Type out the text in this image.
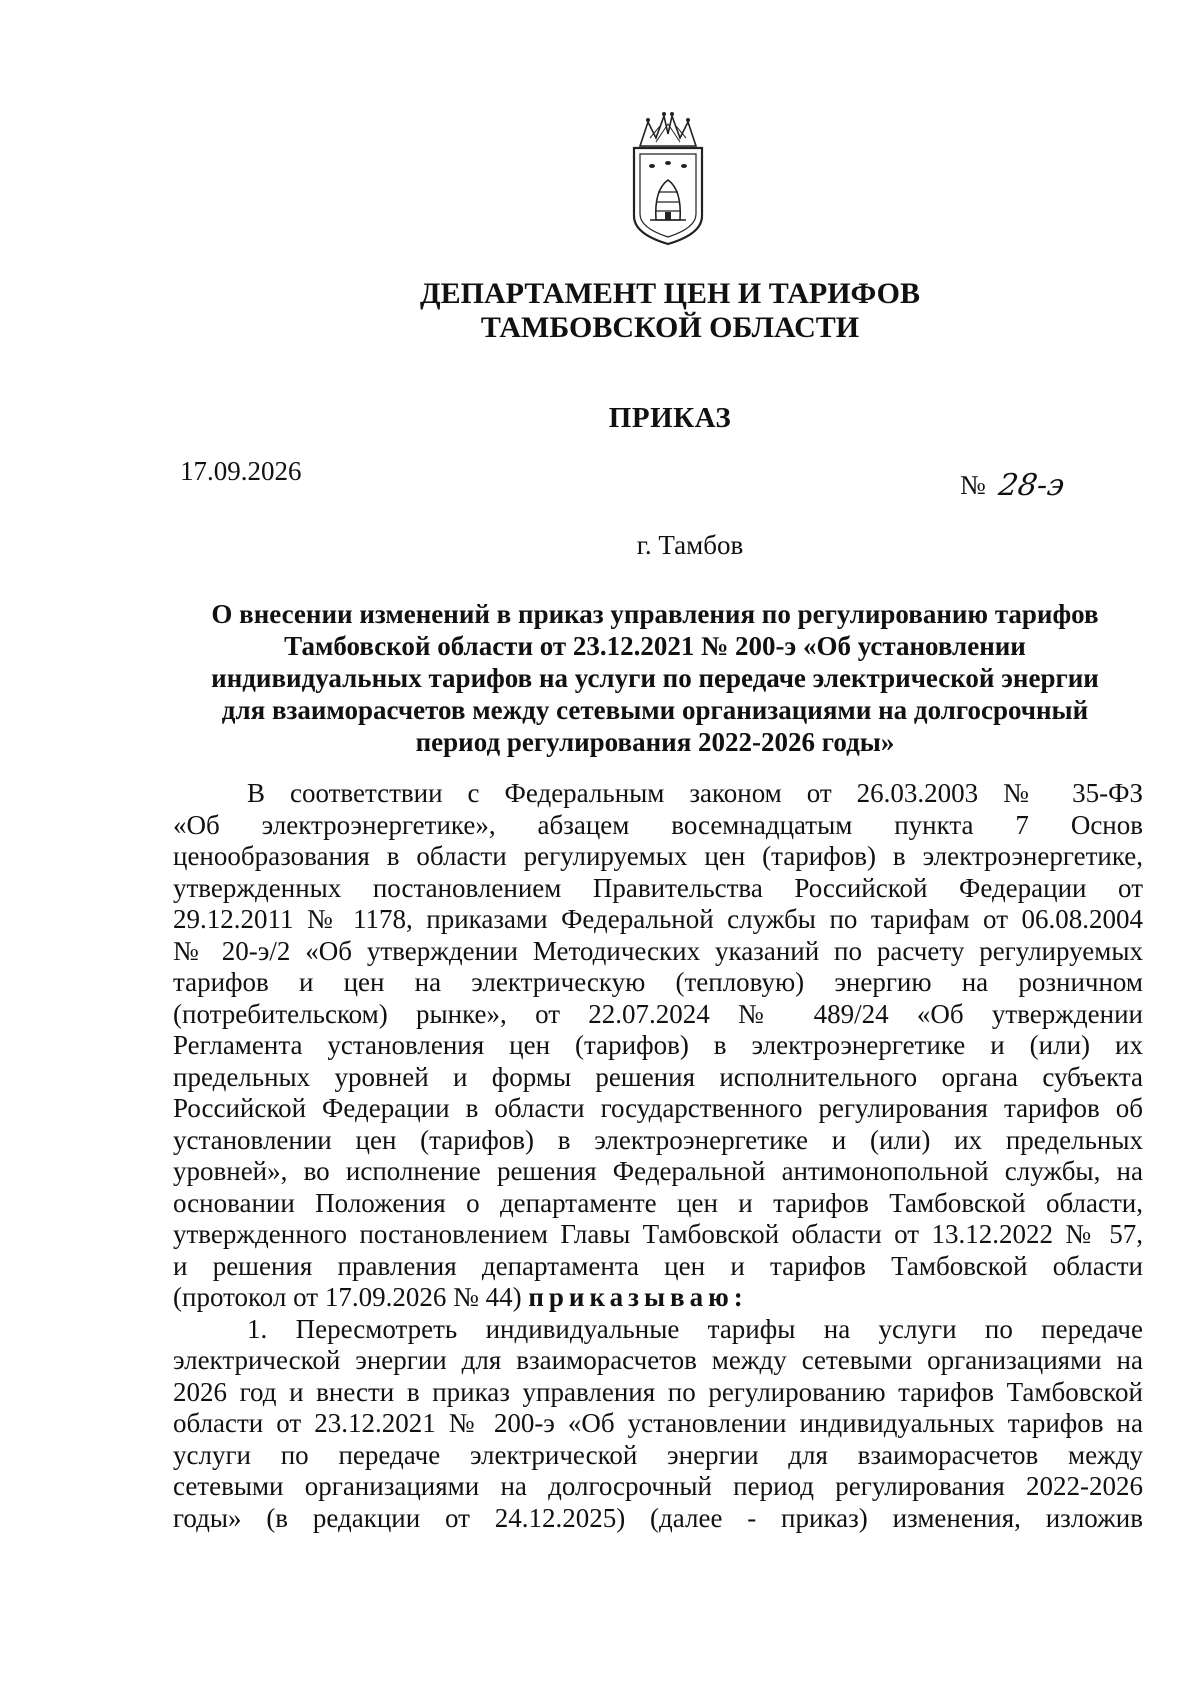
ДЕПАРТАМЕНТ ЦЕН И ТАРИФОВ
ТАМБОВСКОЙ ОБЛАСТИ
ПРИКАЗ
17.09.2026	№ 28-э
г. Тамбов
О внесении изменений в приказ управления по регулированию тарифов
Тамбовской области от 23.12.2021 № 200-э «Об установлении
индивидуальных тарифов на услуги по передаче электрической энергии
для взаиморасчетов между сетевыми организациями на долгосрочный
период регулирования 2022-2026 годы»
В соответствии с Федеральным законом от 26.03.2003 № 35-ФЗ
«Об электроэнергетике», абзацем восемнадцатым пункта 7 Основ
ценообразования в области регулируемых цен (тарифов) в электроэнергетике,
утвержденных постановлением Правительства Российской Федерации от
29.12.2011 № 1178, приказами Федеральной службы по тарифам от 06.08.2004
№ 20-э/2 «Об утверждении Методических указаний по расчету регулируемых
тарифов и цен на электрическую (тепловую) энергию на розничном
(потребительском) рынке», от 22.07.2024 № 489/24 «Об утверждении
Регламента установления цен (тарифов) в электроэнергетике и (или) их
предельных уровней и формы решения исполнительного органа субъекта
Российской Федерации в области государственного регулирования тарифов об
установлении цен (тарифов) в электроэнергетике и (или) их предельных
уровней», во исполнение решения Федеральной антимонопольной службы, на
основании Положения о департаменте цен и тарифов Тамбовской области,
утвержденного постановлением Главы Тамбовской области от 13.12.2022 № 57,
и решения правления департамента цен и тарифов Тамбовской области
(протокол от 17.09.2026 № 44) приказываю:
1. Пересмотреть индивидуальные тарифы на услуги по передаче
электрической энергии для взаиморасчетов между сетевыми организациями на
2026 год и внести в приказ управления по регулированию тарифов Тамбовской
области от 23.12.2021 № 200-э «Об установлении индивидуальных тарифов на
услуги по передаче электрической энергии для взаиморасчетов между
сетевыми организациями на долгосрочный период регулирования 2022-2026
годы» (в редакции от 24.12.2025) (далее - приказ) изменения, изложив
